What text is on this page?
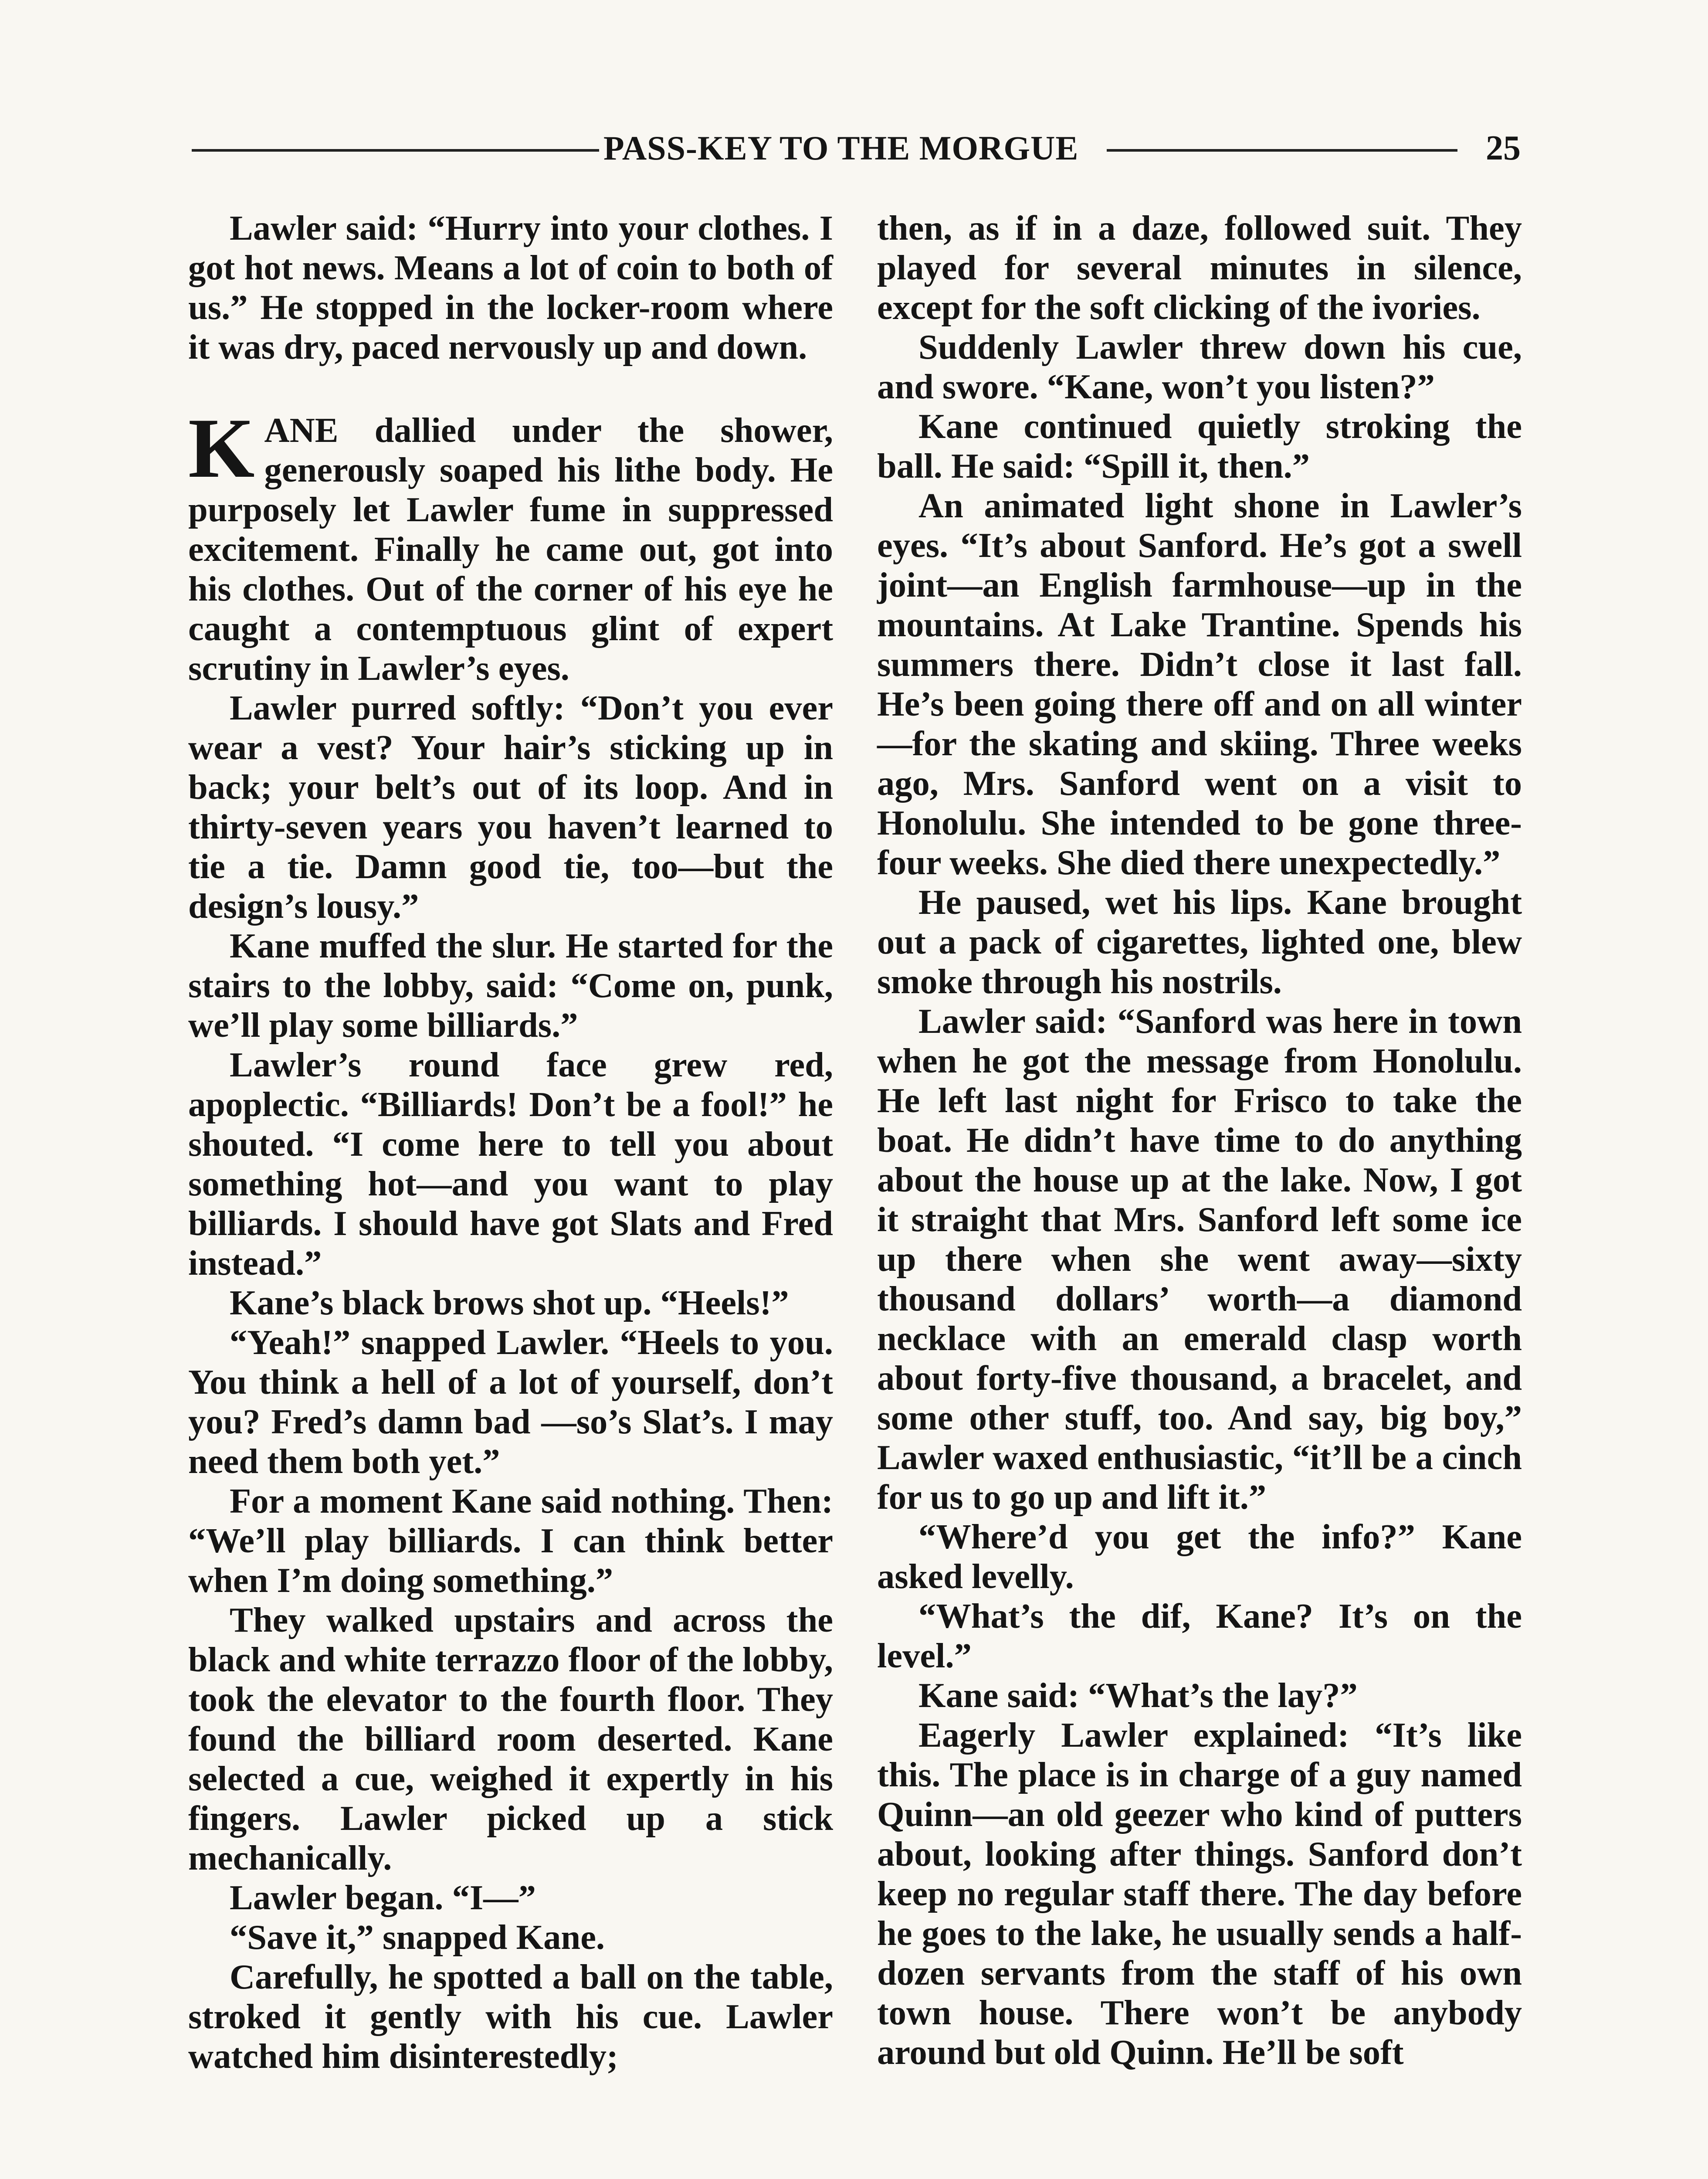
PASS-KEY TO THE MORGUE	25

Lawler said: “Hurry into your clothes. I got hot news. Means a lot of coin to both of us.” He stopped in the locker-room where it was dry, paced nervously up and down.

KANE dallied under the shower, generously soaped his lithe body. He purposely let Lawler fume in suppressed excitement. Finally he came out, got into his clothes. Out of the corner of his eye he caught a contemptuous glint of expert scrutiny in Lawler’s eyes.

Lawler purred softly: “Don’t you ever wear a vest? Your hair’s sticking up in back; your belt’s out of its loop. And in thirty-seven years you haven’t learned to tie a tie. Damn good tie, too—but the design’s lousy.”

Kane muffed the slur. He started for the stairs to the lobby, said: “Come on, punk, we’ll play some billiards.”

Lawler’s round face grew red, apoplectic. “Billiards! Don’t be a fool!” he shouted. “I come here to tell you about something hot—and you want to play billiards. I should have got Slats and Fred instead.”

Kane’s black brows shot up. “Heels!”

“Yeah!” snapped Lawler. “Heels to you. You think a hell of a lot of yourself, don’t you? Fred’s damn bad —so’s Slat’s. I may need them both yet.”

For a moment Kane said nothing. Then: “We’ll play billiards. I can think better when I’m doing something.”

They walked upstairs and across the black and white terrazzo floor of the lobby, took the elevator to the fourth floor. They found the billiard room deserted. Kane selected a cue, weighed it expertly in his fingers. Lawler picked up a stick mechanically.

Lawler began. “I—”

“Save it,” snapped Kane.

Carefully, he spotted a ball on the table, stroked it gently with his cue. Lawler watched him disinterestedly;

then, as if in a daze, followed suit. They played for several minutes in silence, except for the soft clicking of the ivories.

Suddenly Lawler threw down his cue, and swore. “Kane, won’t you listen?”

Kane continued quietly stroking the ball. He said: “Spill it, then.”

An animated light shone in Lawler’s eyes. “It’s about Sanford. He’s got a swell joint—an English farmhouse—up in the mountains. At Lake Trantine. Spends his summers there. Didn’t close it last fall. He’s been going there off and on all winter—for the skating and skiing. Three weeks ago, Mrs. Sanford went on a visit to Honolulu. She intended to be gone three-four weeks. She died there unexpectedly.”

He paused, wet his lips. Kane brought out a pack of cigarettes, lighted one, blew smoke through his nostrils.

Lawler said: “Sanford was here in town when he got the message from Honolulu. He left last night for Frisco to take the boat. He didn’t have time to do anything about the house up at the lake. Now, I got it straight that Mrs. Sanford left some ice up there when she went away—sixty thousand dollars’ worth—a diamond necklace with an emerald clasp worth about forty-five thousand, a bracelet, and some other stuff, too. And say, big boy,” Lawler waxed enthusiastic, “it’ll be a cinch for us to go up and lift it.”

“Where’d you get the info?” Kane asked levelly.

“What’s the dif, Kane? It’s on the level.”

Kane said: “What’s the lay?”

Eagerly Lawler explained: “It’s like this. The place is in charge of a guy named Quinn—an old geezer who kind of putters about, looking after things. Sanford don’t keep no regular staff there. The day before he goes to the lake, he usually sends a half-dozen servants from the staff of his own town house. There won’t be anybody around but old Quinn. He’ll be soft
